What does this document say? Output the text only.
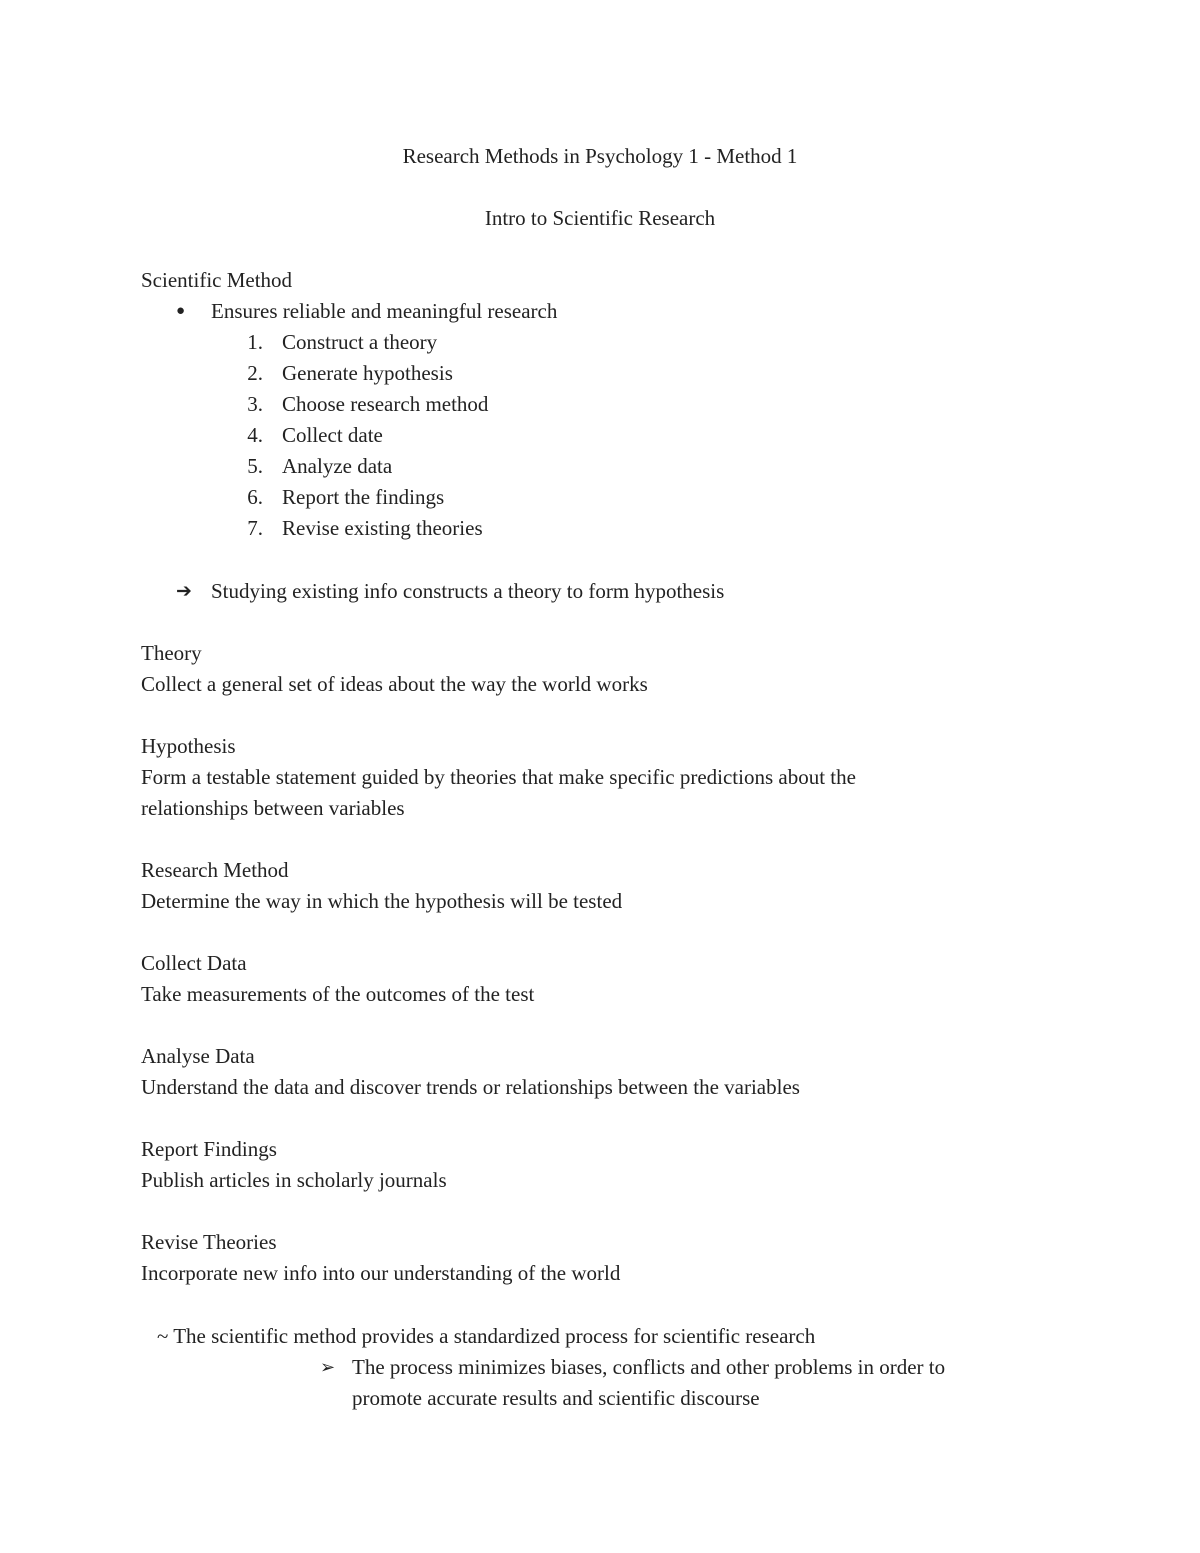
Research Methods in Psychology 1 - Method 1
Intro to Scientific Research
Scientific Method
● Ensures reliable and meaningful research
1. Construct a theory
2. Generate hypothesis
3. Choose research method
4. Collect date
5. Analyze data
6. Report the findings
7. Revise existing theories
➔ Studying existing info constructs a theory to form hypothesis
Theory
Collect a general set of ideas about the way the world works
Hypothesis
Form a testable statement guided by theories that make specific predictions about the
relationships between variables
Research Method
Determine the way in which the hypothesis will be tested
Collect Data
Take measurements of the outcomes of the test
Analyse Data
Understand the data and discover trends or relationships between the variables
Report Findings
Publish articles in scholarly journals
Revise Theories
Incorporate new info into our understanding of the world
~ The scientific method provides a standardized process for scientific research
➢ The process minimizes biases, conflicts and other problems in order to
promote accurate results and scientific discourse
